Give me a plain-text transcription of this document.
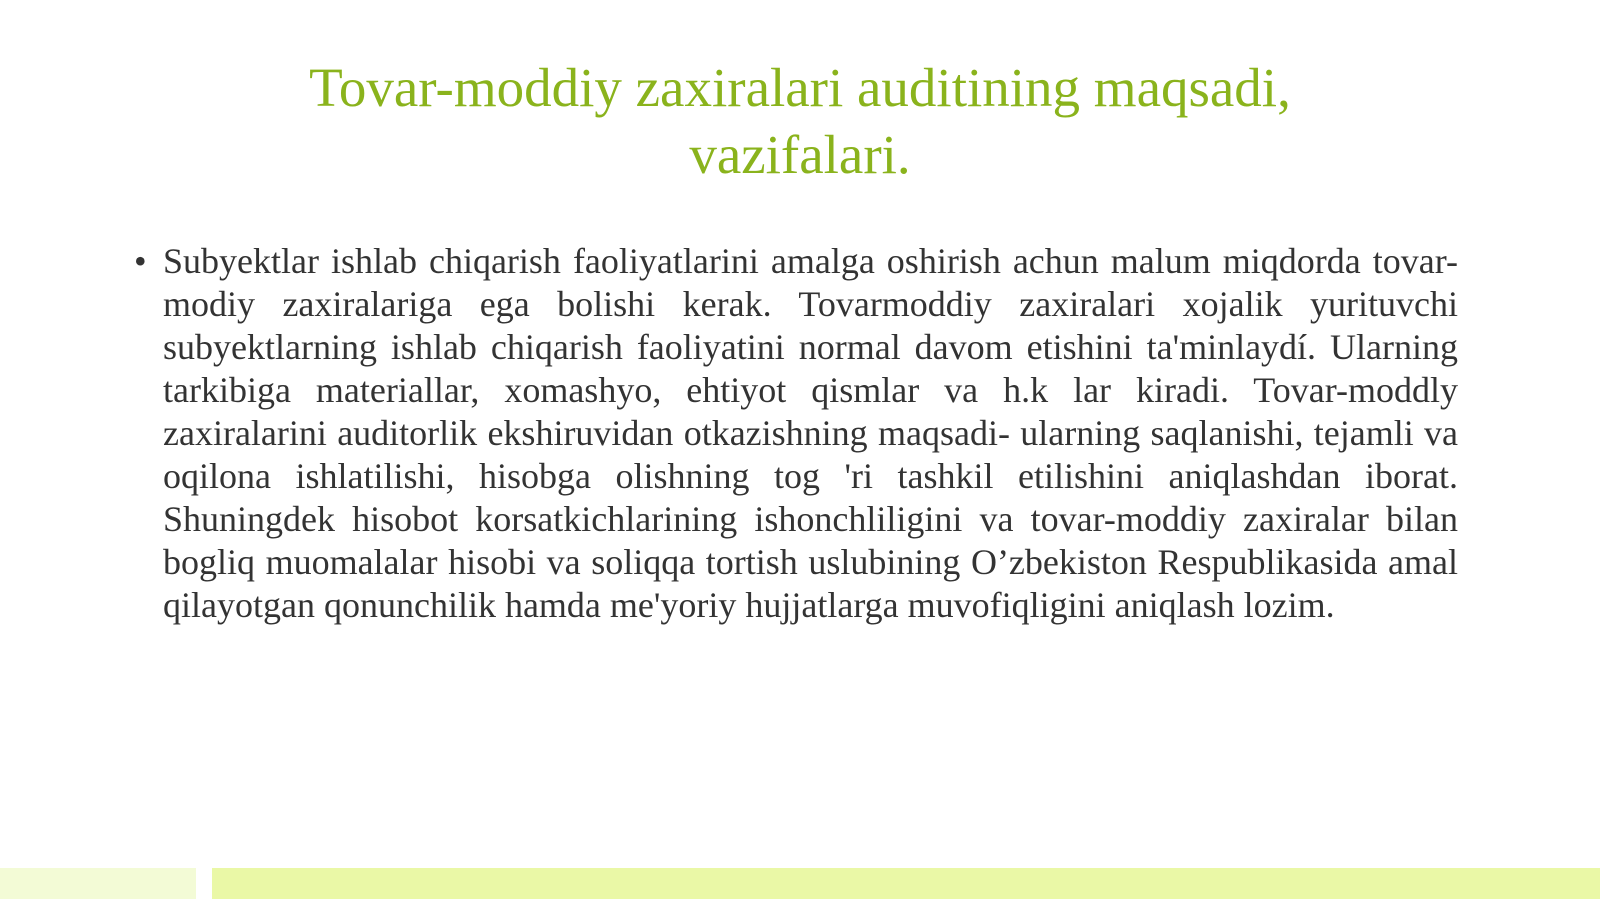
Tovar-moddiy zaxiralari auditining maqsadi, vazifalari.
• Subyektlar ishlab chiqarish faoliyatlarini amalga oshirish achun malum miqdorda tovar-modiy zaxiralariga ega bolishi kerak. Tovarmoddiy zaxiralari xojalik yurituvchi subyektlarning ishlab chiqarish faoliyatini normal davom etishini ta'minlaydí. Ularning tarkibiga materiallar, xomashyo, ehtiyot qismlar va h.k lar kiradi. Tovar-moddly zaxiralarini auditorlik ekshiruvidan otkazishning maqsadi- ularning saqlanishi, tejamli va oqilona ishlatilishi, hisobga olishning tog 'ri tashkil etilishini aniqlashdan iborat. Shuningdek hisobot korsatkichlarining ishonchliligini va tovar-moddiy zaxiralar bilan bogliq muomalalar hisobi va soliqqa tortish uslubining O’zbekiston Respublikasida amal qilayotgan qonunchilik hamda me'yoriy hujjatlarga muvofiqligini aniqlash lozim.
